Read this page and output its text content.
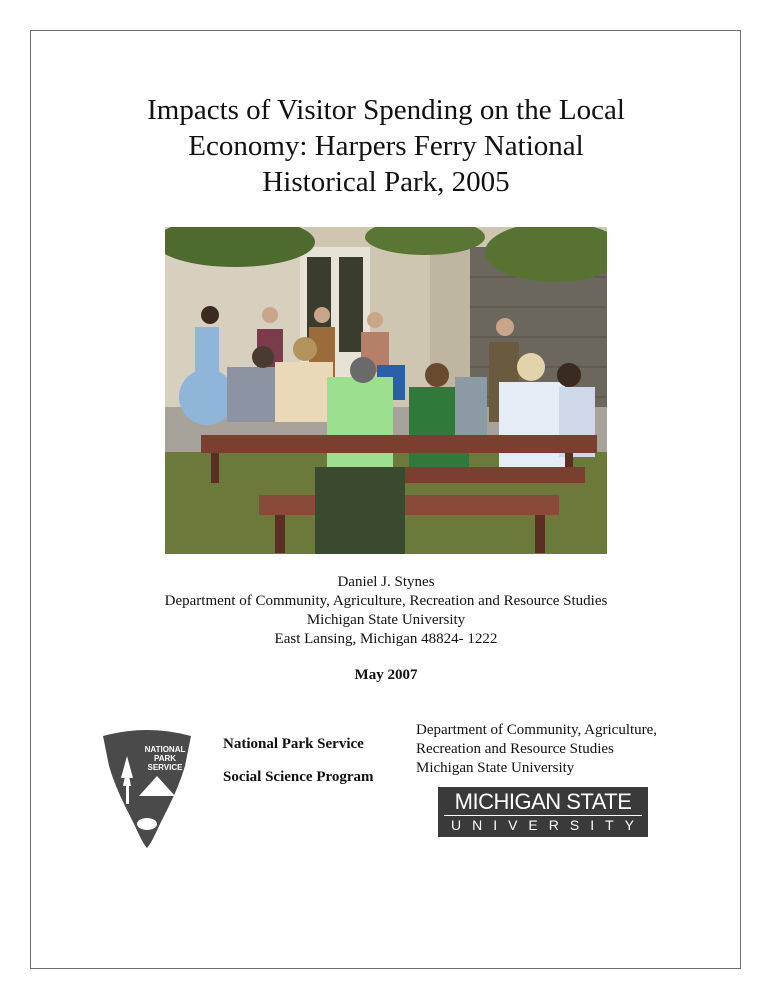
Impacts of Visitor Spending on the Local
Economy: Harpers Ferry National
Historical Park, 2005
Daniel J. Stynes
Department of Community, Agriculture, Recreation and Resource Studies
Michigan State University
East Lansing, Michigan 48824- 1222
May 2007
NATIONAL
PARK
SERVICE
National Park Service
Social Science Program
Department of Community, Agriculture,
Recreation and Resource Studies
Michigan State University
MICHIGAN STATE
UNIVERSITY
